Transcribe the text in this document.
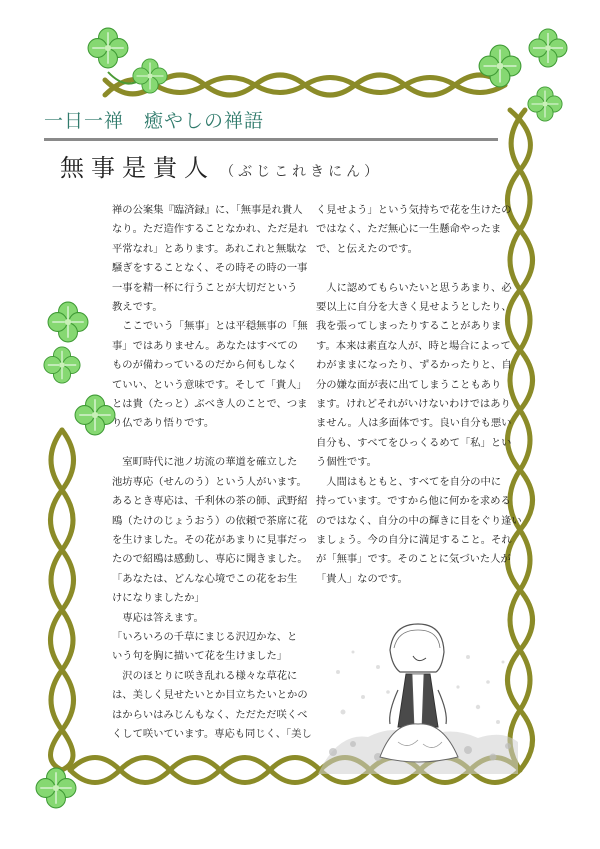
一日一禅　癒やしの禅語
無事是貴人 （ぶじこれきにん）

禅の公案集『臨済録』に、「無事是れ貴人

なり。ただ造作することなかれ、ただ是れ

平常なれ」とあります。あれこれと無駄な

騒ぎをすることなく、その時その時の一事

一事を精一杯に行うことが大切だという

教えです。

　ここでいう「無事」とは平穏無事の「無

事」ではありません。あなたはすべての

ものが備わっているのだから何もしなく

ていい、という意味です。そして「貴人」

とは貴（たっと）ぶべき人のことで、つま

り仏であり悟りです。

　室町時代に池ノ坊流の華道を確立した

池坊専応（せんのう）という人がいます。

あるとき専応は、千利休の茶の師、武野紹

鴎（たけのじょうおう）の依頼で茶席に花

を生けました。その花があまりに見事だっ

たので紹鴎は感動し、専応に聞きました。

「あなたは、どんな心境でこの花をお生

けになりましたか」

　専応は答えます。

「いろいろの千草にまじる沢辺かな、と

いう句を胸に描いて花を生けました」

　沢のほとりに咲き乱れる様々な草花に

は、美しく見せたいとか目立ちたいとかの

はからいはみじんもなく、ただただ咲くべ

くして咲いています。専応も同じく、「美し

く見せよう」という気持ちで花を生けたの

ではなく、ただ無心に一生懸命やったま

で、と伝えたのです。

　人に認めてもらいたいと思うあまり、必

要以上に自分を大きく見せようとしたり、

我を張ってしまったりすることがありま

す。本来は素直な人が、時と場合によって

わがままになったり、ずるかったりと、自

分の嫌な面が表に出てしまうこともあり

ます。けれどそれがいけないわけではあり

ません。人は多面体です。良い自分も悪い

自分も、すべてをひっくるめて「私」とい

う個性です。

　人間はもともと、すべてを自分の中に

持っています。ですから他に何かを求める

のではなく、自分の中の輝きに目をぐり逢い

ましょう。今の自分に満足すること。それ

が「無事」です。そのことに気づいた人が

「貴人」なのです。
